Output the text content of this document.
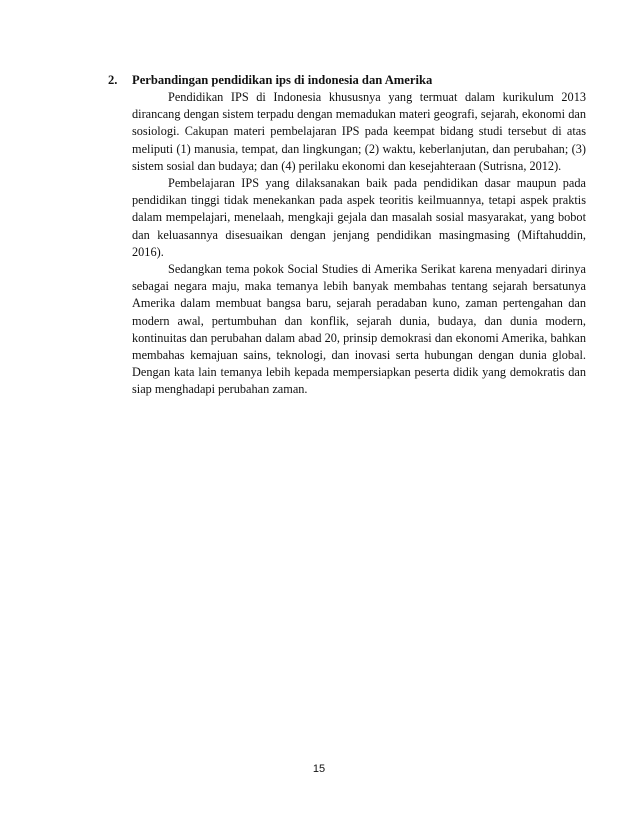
2. Perbandingan pendidikan ips di indonesia dan Amerika

Pendidikan IPS di Indonesia khususnya yang termuat dalam kurikulum 2013 dirancang dengan sistem terpadu dengan memadukan materi geografi, sejarah, ekonomi dan sosiologi. Cakupan materi pembelajaran IPS pada keempat bidang studi tersebut di atas meliputi (1) manusia, tempat, dan lingkungan; (2) waktu, keberlanjutan, dan perubahan; (3) sistem sosial dan budaya; dan (4) perilaku ekonomi dan kesejahteraan (Sutrisna, 2012).

Pembelajaran IPS yang dilaksanakan baik pada pendidikan dasar maupun pada pendidikan tinggi tidak menekankan pada aspek teoritis keilmuannya, tetapi aspek praktis dalam mempelajari, menelaah, mengkaji gejala dan masalah sosial masyarakat, yang bobot dan keluasannya disesuaikan dengan jenjang pendidikan masingmasing (Miftahuddin, 2016).

Sedangkan tema pokok Social Studies di Amerika Serikat karena menyadari dirinya sebagai negara maju, maka temanya lebih banyak membahas tentang sejarah bersatunya Amerika dalam membuat bangsa baru, sejarah peradaban kuno, zaman pertengahan dan modern awal, pertumbuhan dan konflik, sejarah dunia, budaya, dan dunia modern, kontinuitas dan perubahan dalam abad 20, prinsip demokrasi dan ekonomi Amerika, bahkan membahas kemajuan sains, teknologi, dan inovasi serta hubungan dengan dunia global. Dengan kata lain temanya lebih kepada mempersiapkan peserta didik yang demokratis dan siap menghadapi perubahan zaman.

15
